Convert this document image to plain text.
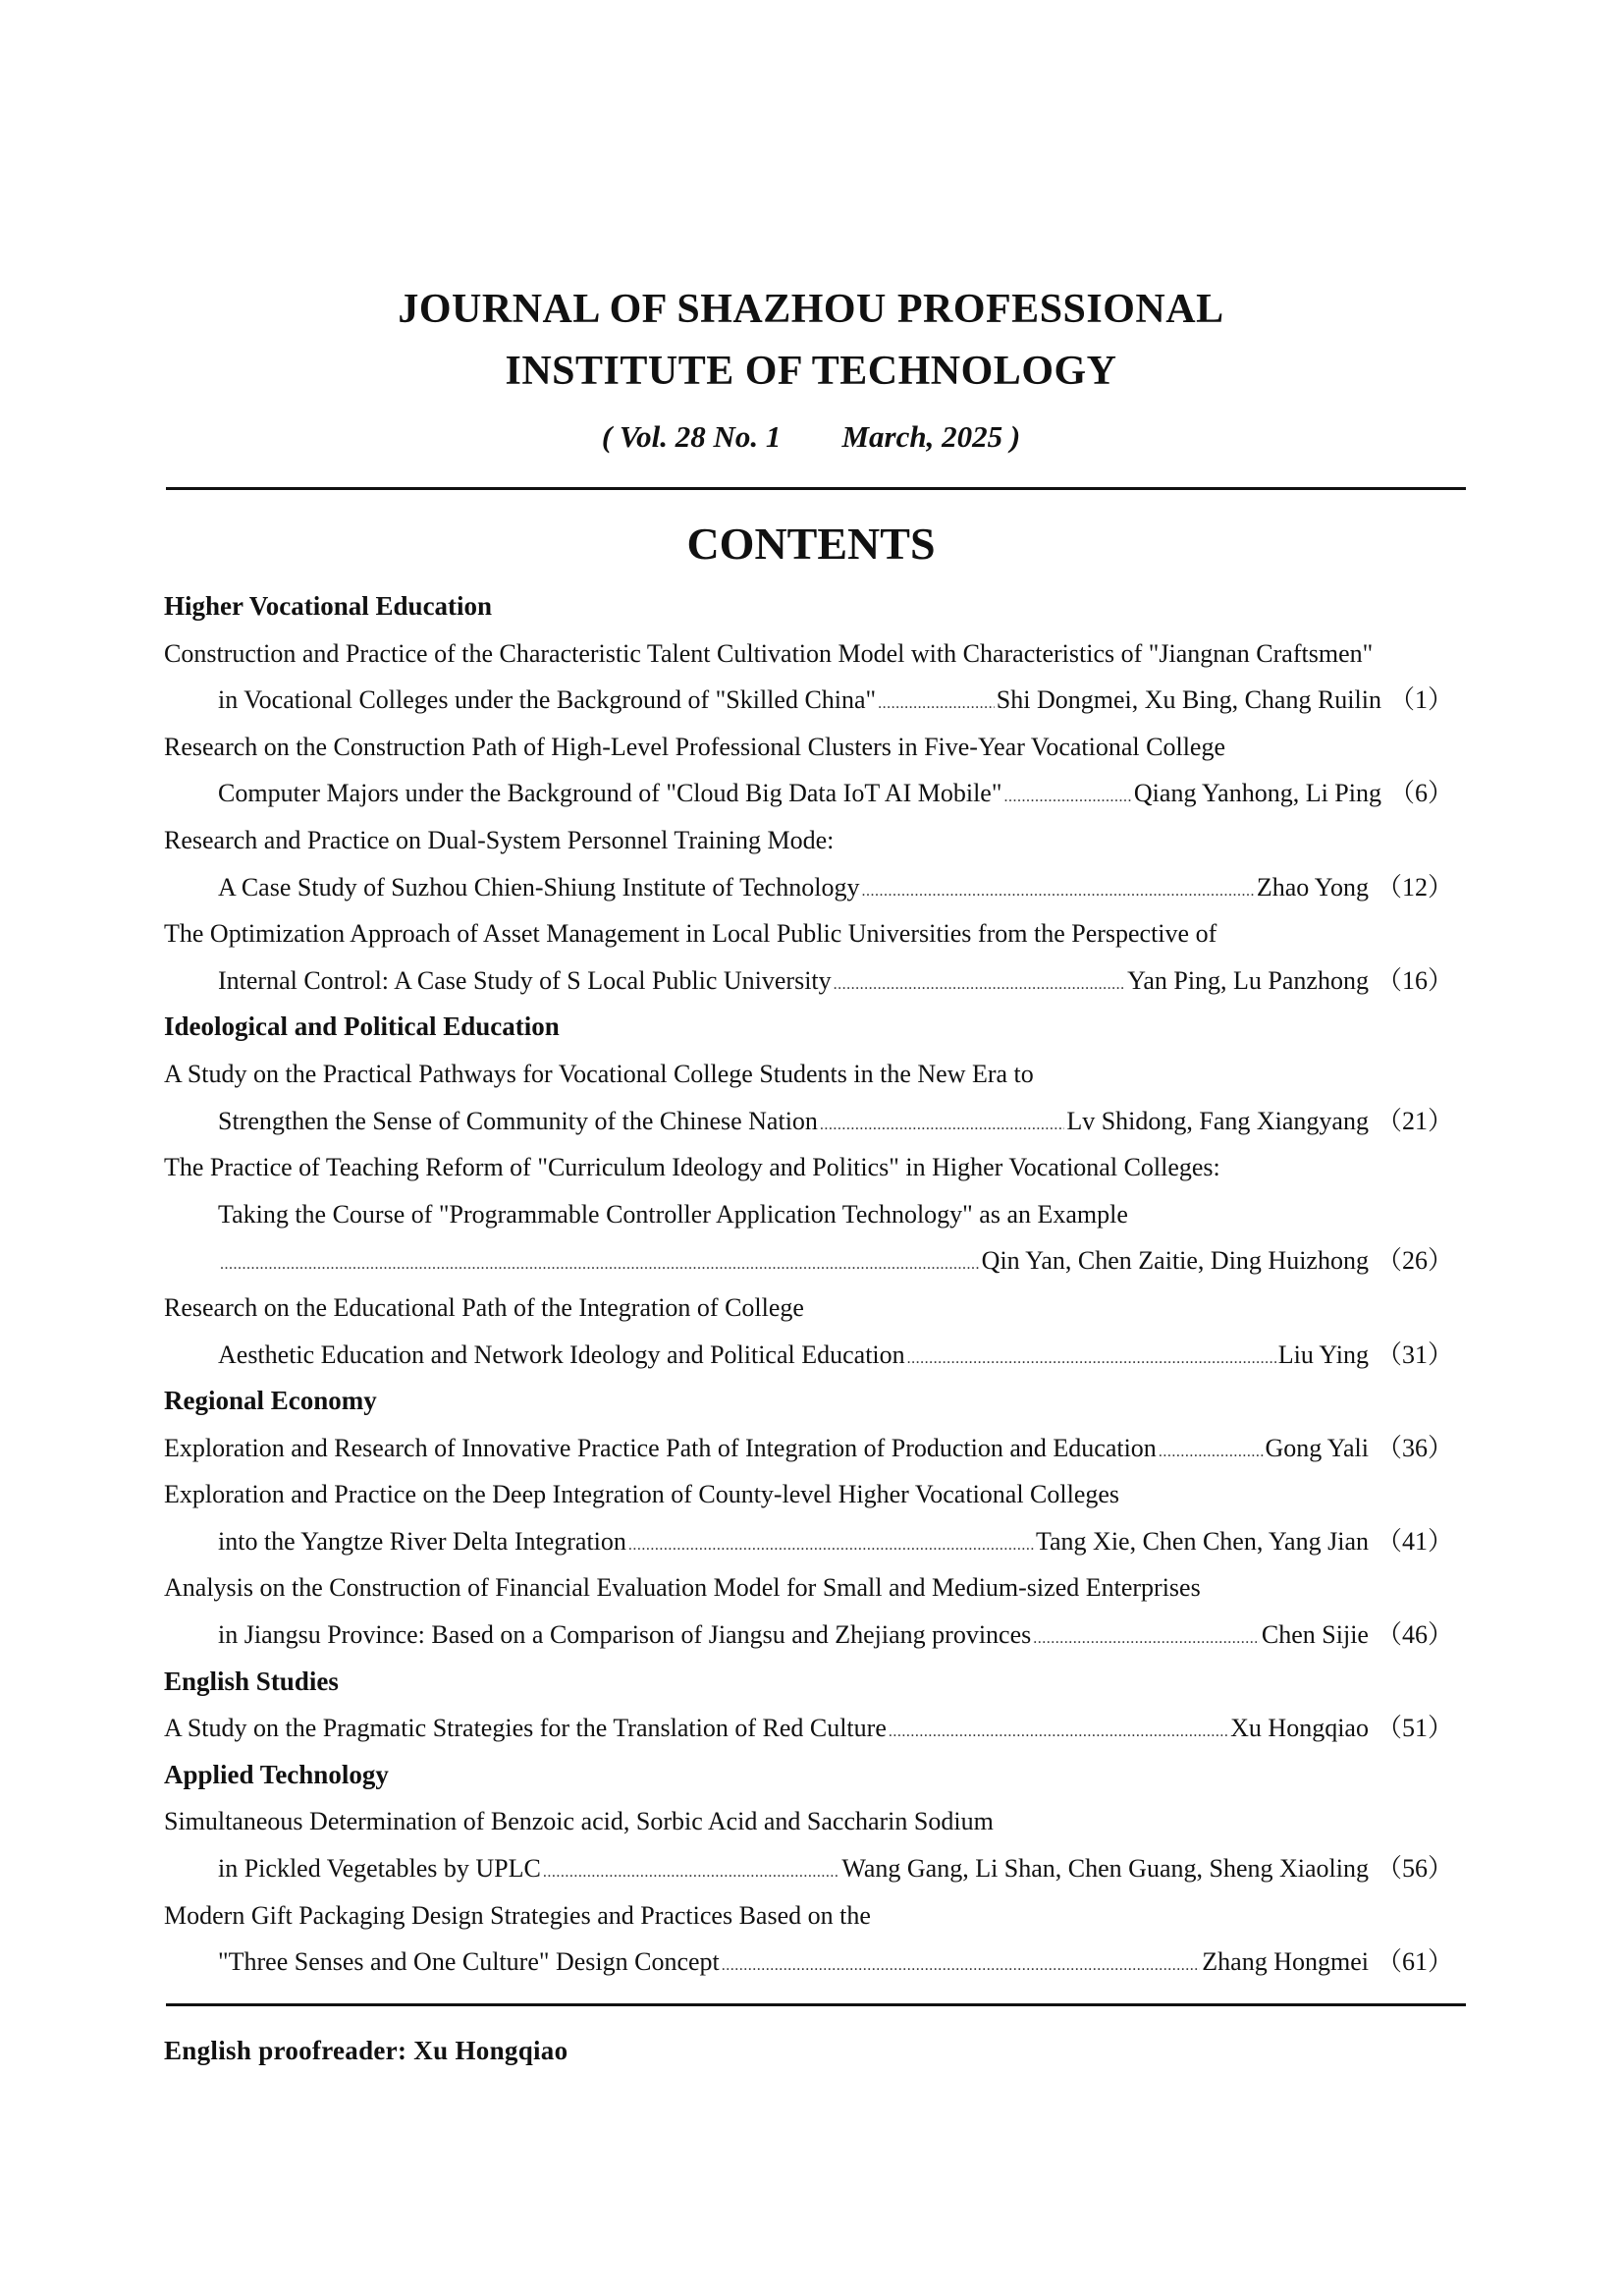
JOURNAL OF SHAZHOU PROFESSIONAL
INSTITUTE OF TECHNOLOGY
( Vol. 28 No. 1 March, 2025 )
CONTENTS
Higher Vocational Education
Construction and Practice of the Characteristic Talent Cultivation Model with Characteristics of "Jiangnan Craftsmen"
in Vocational Colleges under the Background of "Skilled China" .....	Shi Dongmei, Xu Bing, Chang Ruilin （1）
Research on the Construction Path of High-Level Professional Clusters in Five-Year Vocational College
Computer Majors under the Background of "Cloud Big Data IoT AI Mobile" .....	Qiang Yanhong, Li Ping （6）
Research and Practice on Dual-System Personnel Training Mode:
A Case Study of Suzhou Chien-Shiung Institute of Technology .....	Zhao Yong （12）
The Optimization Approach of Asset Management in Local Public Universities from the Perspective of
Internal Control: A Case Study of S Local Public University .....	Yan Ping, Lu Panzhong （16）
Ideological and Political Education
A Study on the Practical Pathways for Vocational College Students in the New Era to
Strengthen the Sense of Community of the Chinese Nation .....	Lv Shidong, Fang Xiangyang （21）
The Practice of Teaching Reform of "Curriculum Ideology and Politics" in Higher Vocational Colleges:
Taking the Course of "Programmable Controller Application Technology" as an Example
.....
Qin Yan, Chen Zaitie, Ding Huizhong （26）
Research on the Educational Path of the Integration of College
Aesthetic Education and Network Ideology and Political Education .....	Liu Ying （31）
Regional Economy
Exploration and Research of Innovative Practice Path of Integration of Production and Education .....	Gong Yali （36）
Exploration and Practice on the Deep Integration of County-level Higher Vocational Colleges
into the Yangtze River Delta Integration .....	Tang Xie, Chen Chen, Yang Jian （41）
Analysis on the Construction of Financial Evaluation Model for Small and Medium-sized Enterprises
in Jiangsu Province: Based on a Comparison of Jiangsu and Zhejiang provinces .....	Chen Sijie （46）
English Studies
A Study on the Pragmatic Strategies for the Translation of Red Culture .....	Xu Hongqiao （51）
Applied Technology
Simultaneous Determination of Benzoic acid, Sorbic Acid and Saccharin Sodium
in Pickled Vegetables by UPLC .....	Wang Gang, Li Shan, Chen Guang, Sheng Xiaoling （56）
Modern Gift Packaging Design Strategies and Practices Based on the
"Three Senses and One Culture" Design Concept .....	Zhang Hongmei （61）
English proofreader: Xu Hongqiao
